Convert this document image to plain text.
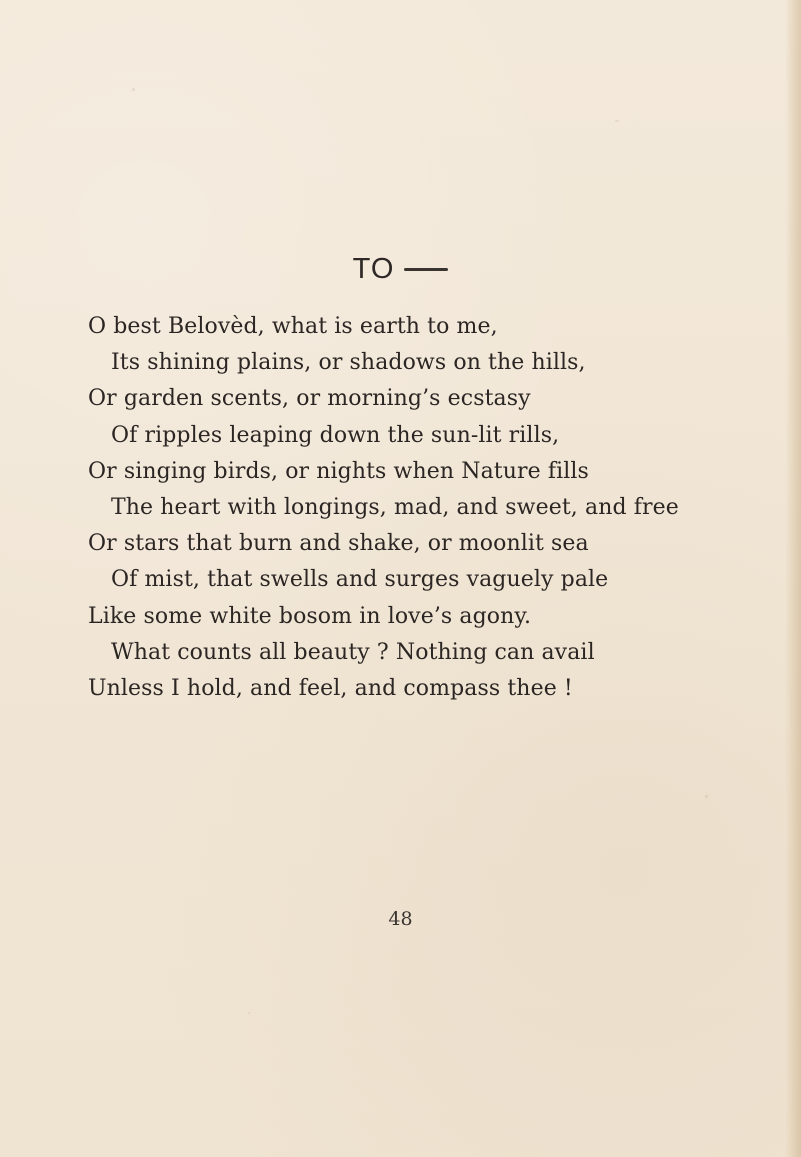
TO
O best Belovèd, what is earth to me,
Its shining plains, or shadows on the hills,
Or garden scents, or morning’s ecstasy
Of ripples leaping down the sun-lit rills,
Or singing birds, or nights when Nature fills
The heart with longings, mad, and sweet, and free
Or stars that burn and shake, or moonlit sea
Of mist, that swells and surges vaguely pale
Like some white bosom in love’s agony.
What counts all beauty ? Nothing can avail
Unless I hold, and feel, and compass thee !
48
